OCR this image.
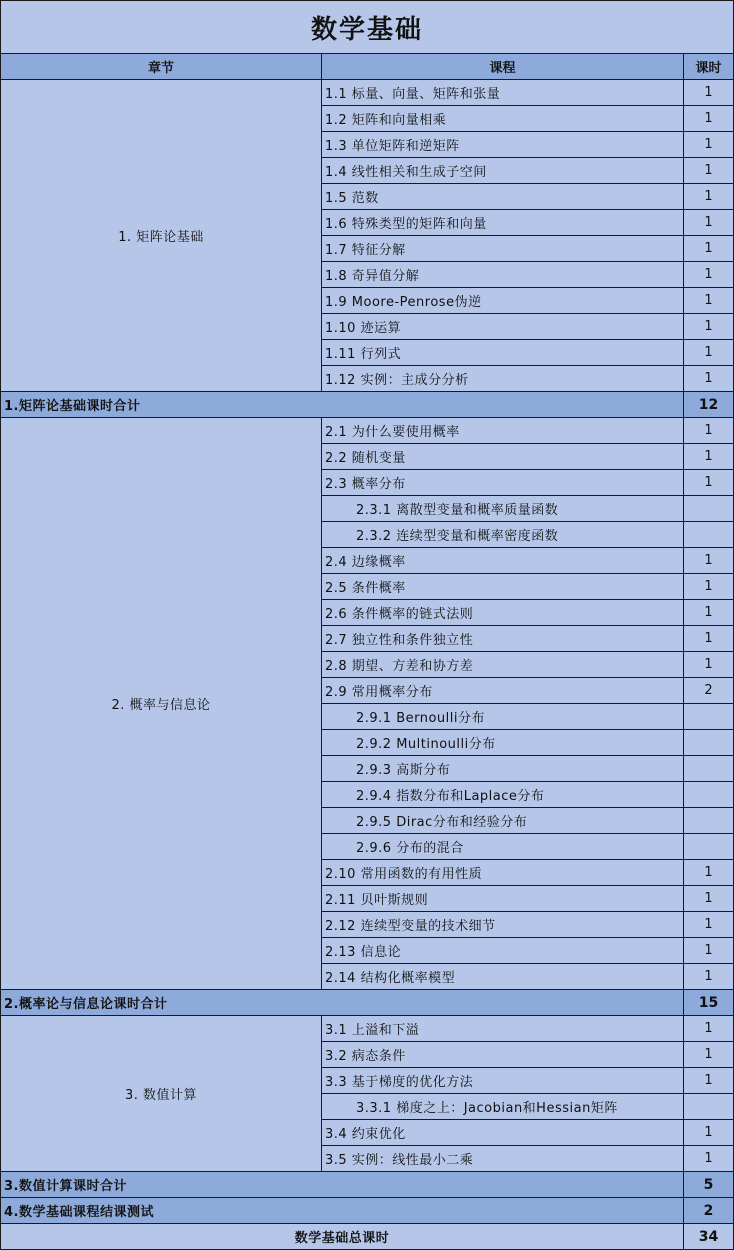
数学基础		
章节	课程	课时
1. 矩阵论基础	1.1 标量、向量、矩阵和张量	1
	1.2 矩阵和向量相乘	1
	1.3 单位矩阵和逆矩阵	1
	1.4 线性相关和生成子空间	1
	1.5 范数	1
	1.6 特殊类型的矩阵和向量	1
	1.7 特征分解	1
	1.8 奇异值分解	1
	1.9 Moore-Penrose伪逆	1
	1.10 迹运算	1
	1.11 行列式	1
	1.12 实例：主成分分析	1
1.矩阵论基础课时合计		12
2. 概率与信息论	2.1 为什么要使用概率	1
	2.2 随机变量	1
	2.3 概率分布	1
	2.3.1 离散型变量和概率质量函数	
	2.3.2 连续型变量和概率密度函数	
	2.4 边缘概率	1
	2.5 条件概率	1
	2.6 条件概率的链式法则	1
	2.7 独立性和条件独立性	1
	2.8 期望、方差和协方差	1
	2.9 常用概率分布	2
	2.9.1 Bernoulli分布	
	2.9.2 Multinoulli分布	
	2.9.3 高斯分布	
	2.9.4 指数分布和Laplace分布	
	2.9.5 Dirac分布和经验分布	
	2.9.6 分布的混合	
	2.10 常用函数的有用性质	1
	2.11 贝叶斯规则	1
	2.12 连续型变量的技术细节	1
	2.13 信息论	1
	2.14 结构化概率模型	1
2.概率论与信息论课时合计		15
3. 数值计算	3.1 上溢和下溢	1
	3.2 病态条件	1
	3.3 基于梯度的优化方法	1
	3.3.1 梯度之上：Jacobian和Hessian矩阵	
	3.4 约束优化	1
	3.5 实例：线性最小二乘	1
3.数值计算课时合计		5
4.数学基础课程结课测试		2
数学基础总课时		34
